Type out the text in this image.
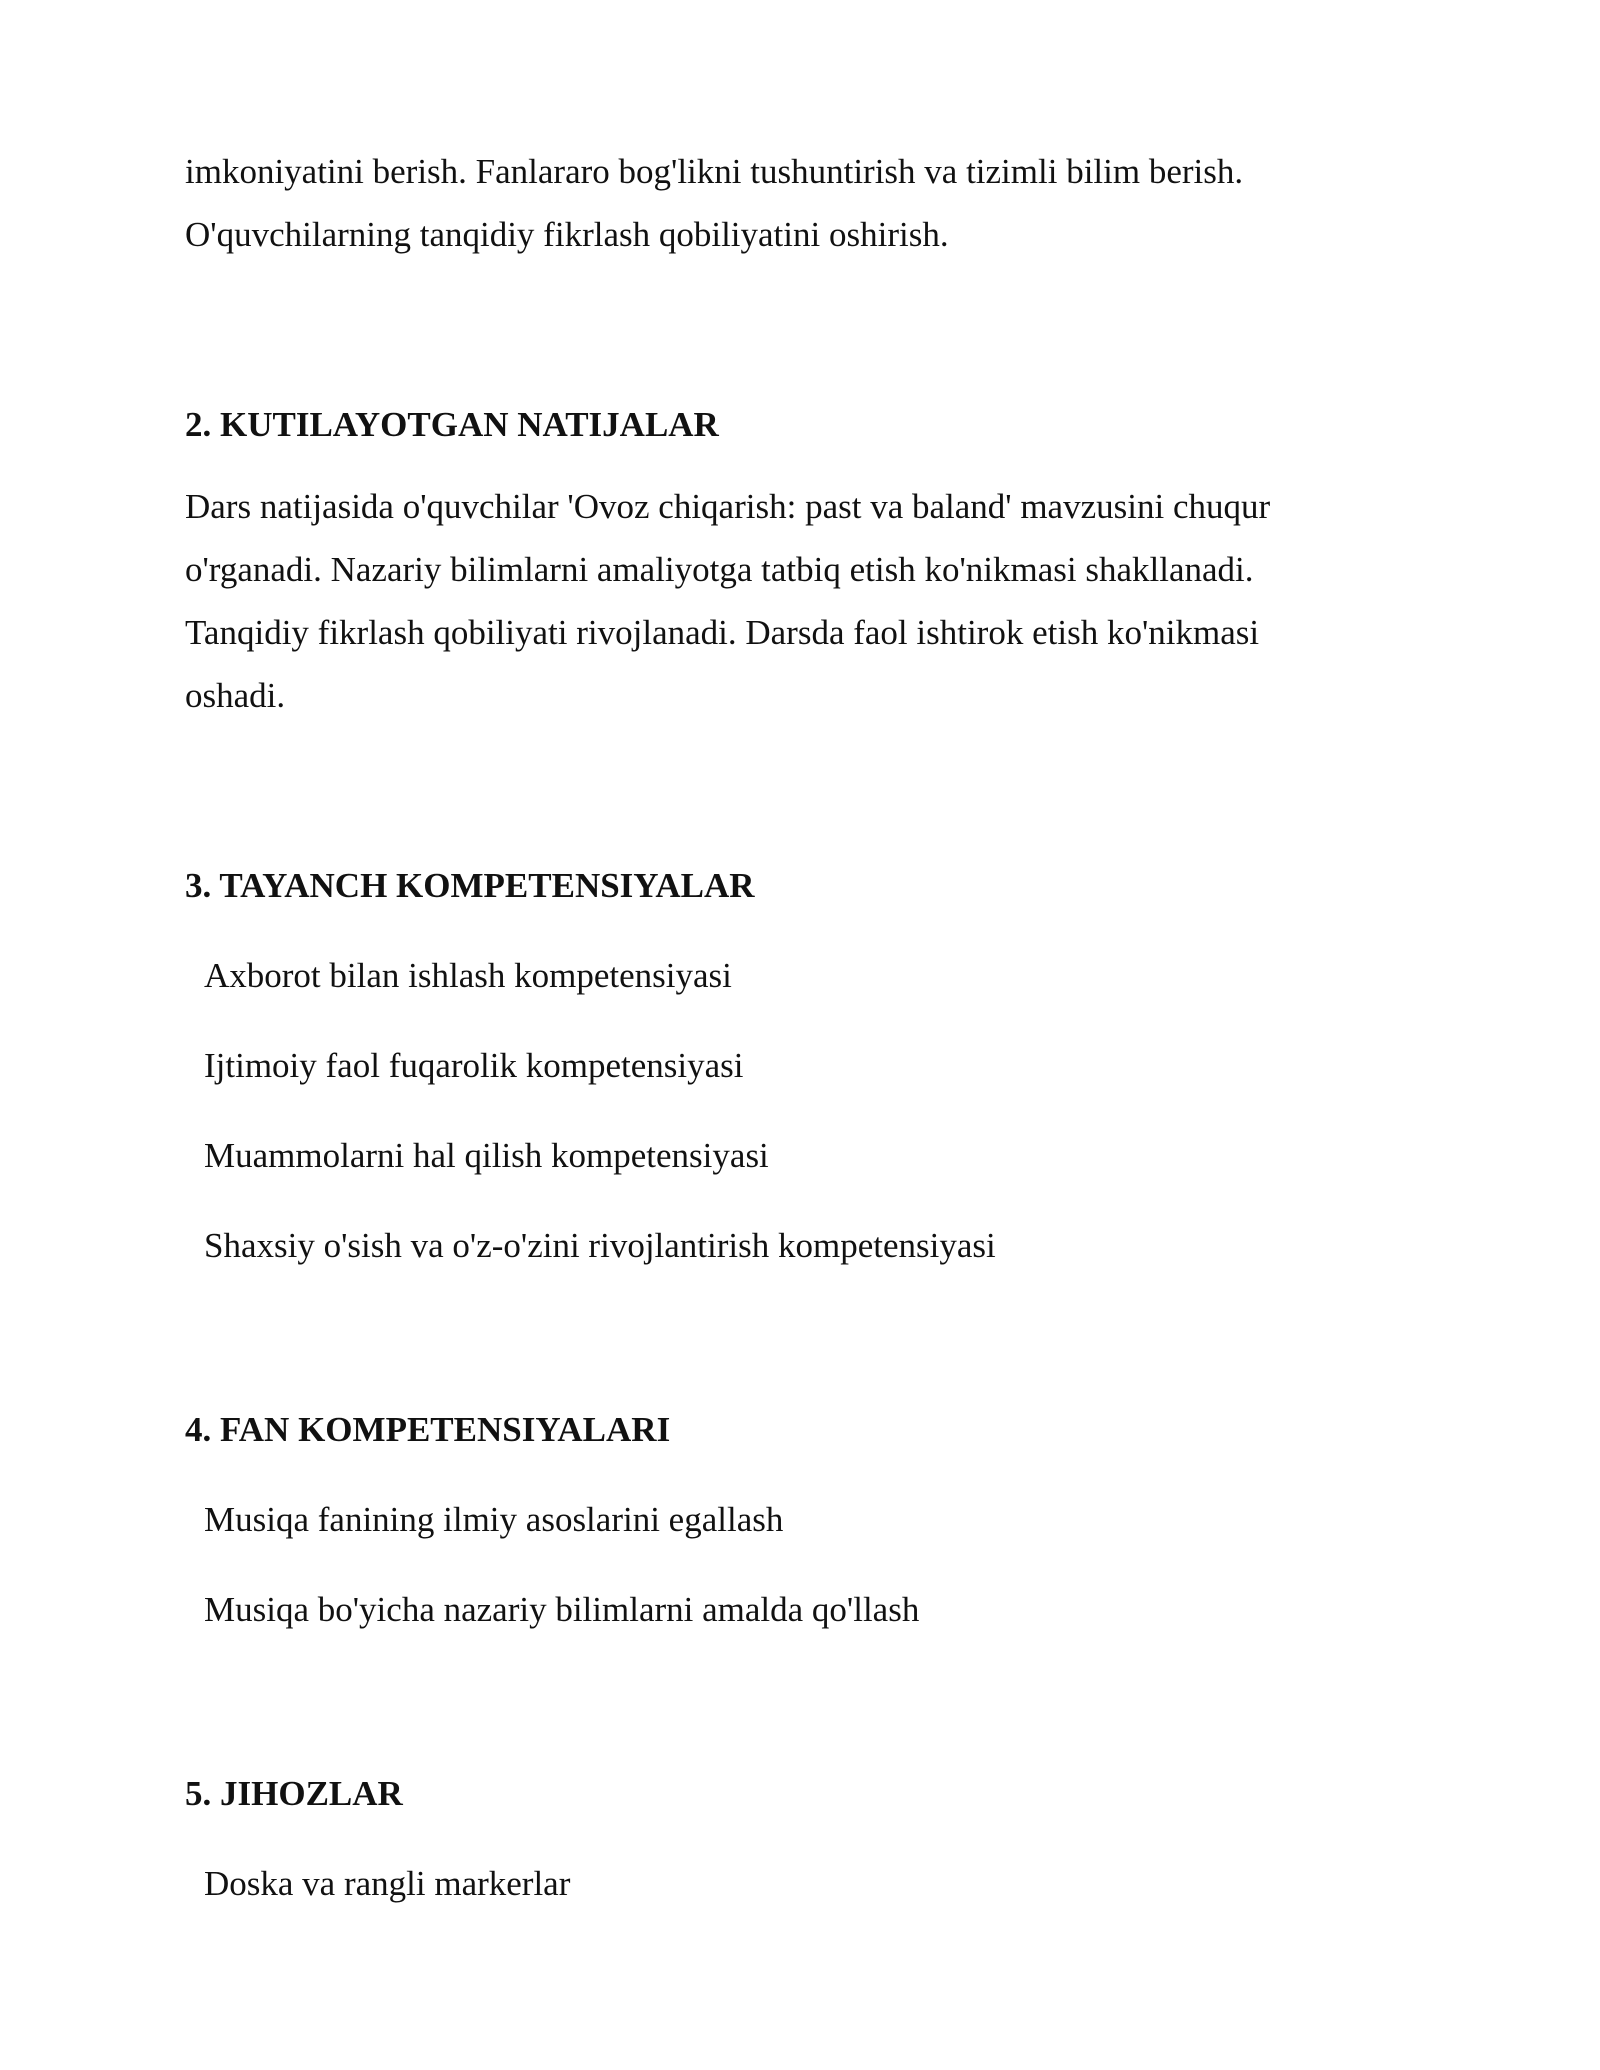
imkoniyatini berish. Fanlararo bog'likni tushuntirish va tizimli bilim berish.
O'quvchilarning tanqidiy fikrlash qobiliyatini oshirish.

2. KUTILAYOTGAN NATIJALAR

Dars natijasida o'quvchilar 'Ovoz chiqarish: past va baland' mavzusini chuqur
o'rganadi. Nazariy bilimlarni amaliyotga tatbiq etish ko'nikmasi shakllanadi.
Tanqidiy fikrlash qobiliyati rivojlanadi. Darsda faol ishtirok etish ko'nikmasi
oshadi.

3. TAYANCH KOMPETENSIYALAR
Axborot bilan ishlash kompetensiyasi
Ijtimoiy faol fuqarolik kompetensiyasi
Muammolarni hal qilish kompetensiyasi
Shaxsiy o'sish va o'z-o'zini rivojlantirish kompetensiyasi
4. FAN KOMPETENSIYALARI
Musiqa fanining ilmiy asoslarini egallash
Musiqa bo'yicha nazariy bilimlarni amalda qo'llash
5. JIHOZLAR
Doska va rangli markerlar
